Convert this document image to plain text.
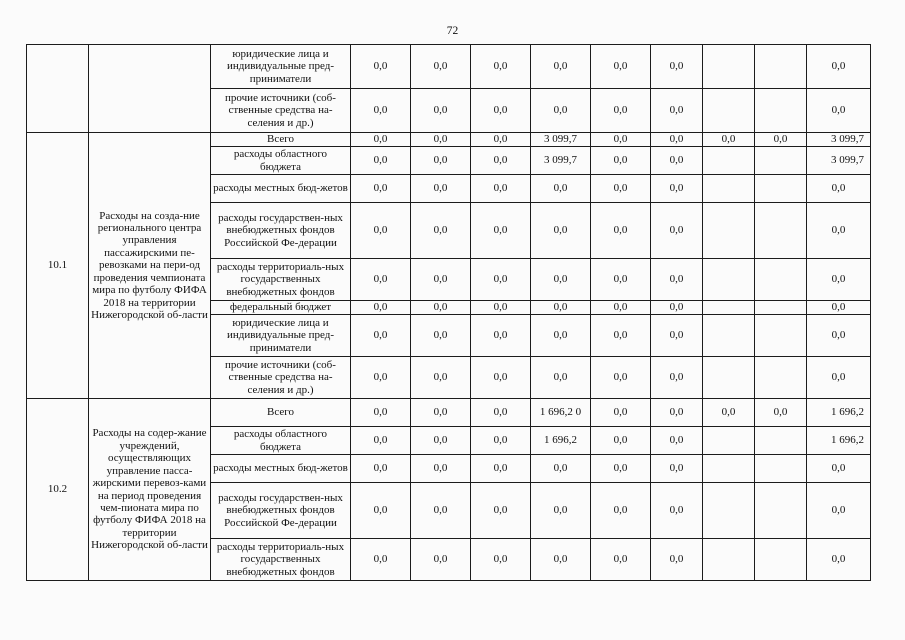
72
		юридические лица и индивидуальные пред-приниматели	0,0	0,0	0,0	0,0	0,0	0,0			0,0
		прочие источники (соб-ственные средства на-селения и др.)	0,0	0,0	0,0	0,0	0,0	0,0			0,0
10.1	Расходы на созда-ние регионального центра управления пассажирскими пе-ревозками на пери-од проведения чемпионата мира по футболу ФИФА 2018 на территории Нижегородской об-ласти	Всего	0,0	0,0	0,0	3 099,7	0,0	0,0	0,0	0,0	3 099,7
		расходы областного бюджета	0,0	0,0	0,0	3 099,7	0,0	0,0			3 099,7
		расходы местных бюд-жетов	0,0	0,0	0,0	0,0	0,0	0,0			0,0
		расходы государствен-ных внебюджетных фондов Российской Фе-дерации	0,0	0,0	0,0	0,0	0,0	0,0			0,0
		расходы территориаль-ных государственных внебюджетных фондов	0,0	0,0	0,0	0,0	0,0	0,0			0,0
		федеральный бюджет	0,0	0,0	0,0	0,0	0,0	0,0			0,0
		юридические лица и индивидуальные пред-приниматели	0,0	0,0	0,0	0,0	0,0	0,0			0,0
		прочие источники (соб-ственные средства на-селения и др.)	0,0	0,0	0,0	0,0	0,0	0,0			0,0
10.2	Расходы на содер-жание учреждений, осуществляющих управление пасса-жирскими перевоз-ками на период проведения чем-пионата мира по футболу ФИФА 2018 на территории Нижегородской об-ласти	Всего	0,0	0,0	0,0	1 696,2 0	0,0	0,0	0,0	0,0	1 696,2
		расходы областного бюджета	0,0	0,0	0,0	1 696,2	0,0	0,0			1 696,2
		расходы местных бюд-жетов	0,0	0,0	0,0	0,0	0,0	0,0			0,0
		расходы государствен-ных внебюджетных фондов Российской Фе-дерации	0,0	0,0	0,0	0,0	0,0	0,0			0,0
		расходы территориаль-ных государственных внебюджетных фондов	0,0	0,0	0,0	0,0	0,0	0,0			0,0
